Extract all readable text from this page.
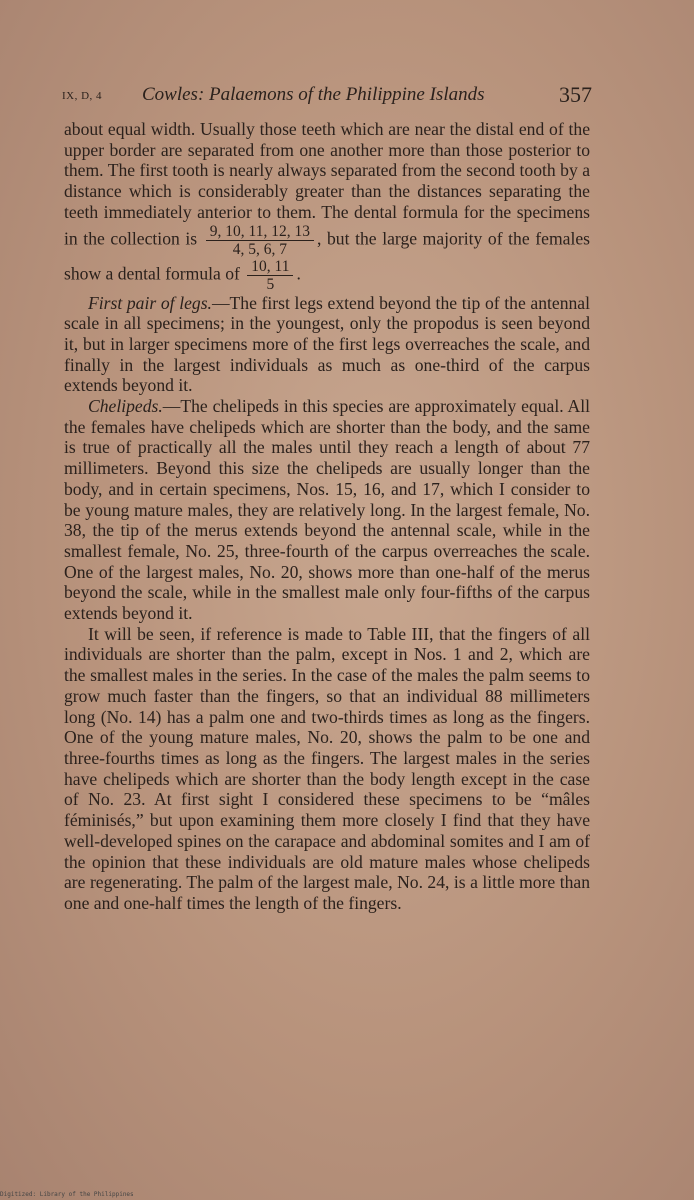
IX, D, 4 Cowles: Palaemons of the Philippine Islands	357

about equal width. Usually those teeth which are near the distal end of the upper border are separated from one another more than those posterior to them. The first tooth is nearly always separated from the second tooth by a distance which is considerably greater than the distances separating the teeth immediately anterior to them. The dental formula for the specimens in the collection is $\frac{9, 10, 11, 12, 13}{4, 5, 6, 7}$ , but the large majority of the females show a dental formula of $\frac{10, 11}{5}$ .

First pair of legs.—The first legs extend beyond the tip of the antennal scale in all specimens; in the youngest, only the propodus is seen beyond it, but in larger specimens more of the first legs overreaches the scale, and finally in the largest individuals as much as one-third of the carpus extends beyond it.

Chelipeds.—The chelipeds in this species are approximately equal. All the females have chelipeds which are shorter than the body, and the same is true of practically all the males until they reach a length of about 77 millimeters. Beyond this size the chelipeds are usually longer than the body, and in certain specimens, Nos. 15, 16, and 17, which I consider to be young mature males, they are relatively long. In the largest female, No. 38, the tip of the merus extends beyond the antennal scale, while in the smallest female, No. 25, three-fourth of the carpus overreaches the scale. One of the largest males, No. 20, shows more than one-half of the merus beyond the scale, while in the smallest male only four-fifths of the carpus extends beyond it.

It will be seen, if reference is made to Table III, that the fingers of all individuals are shorter than the palm, except in Nos. 1 and 2, which are the smallest males in the series. In the case of the males the palm seems to grow much faster than the fingers, so that an individual 88 millimeters long (No. 14) has a palm one and two-thirds times as long as the fingers. One of the young mature males, No. 20, shows the palm to be one and three-fourths times as long as the fingers. The largest males in the series have chelipeds which are shorter than the body length except in the case of No. 23. At first sight I considered these specimens to be “mâles féminisés,” but upon examining them more closely I find that they have well-developed spines on the carapace and abdominal somites and I am of the opinion that these individuals are old mature males whose chelipeds are regenerating. The palm of the largest male, No. 24, is a little more than one and one-half times the length of the fingers.

Digitized: Library of the Philippines
